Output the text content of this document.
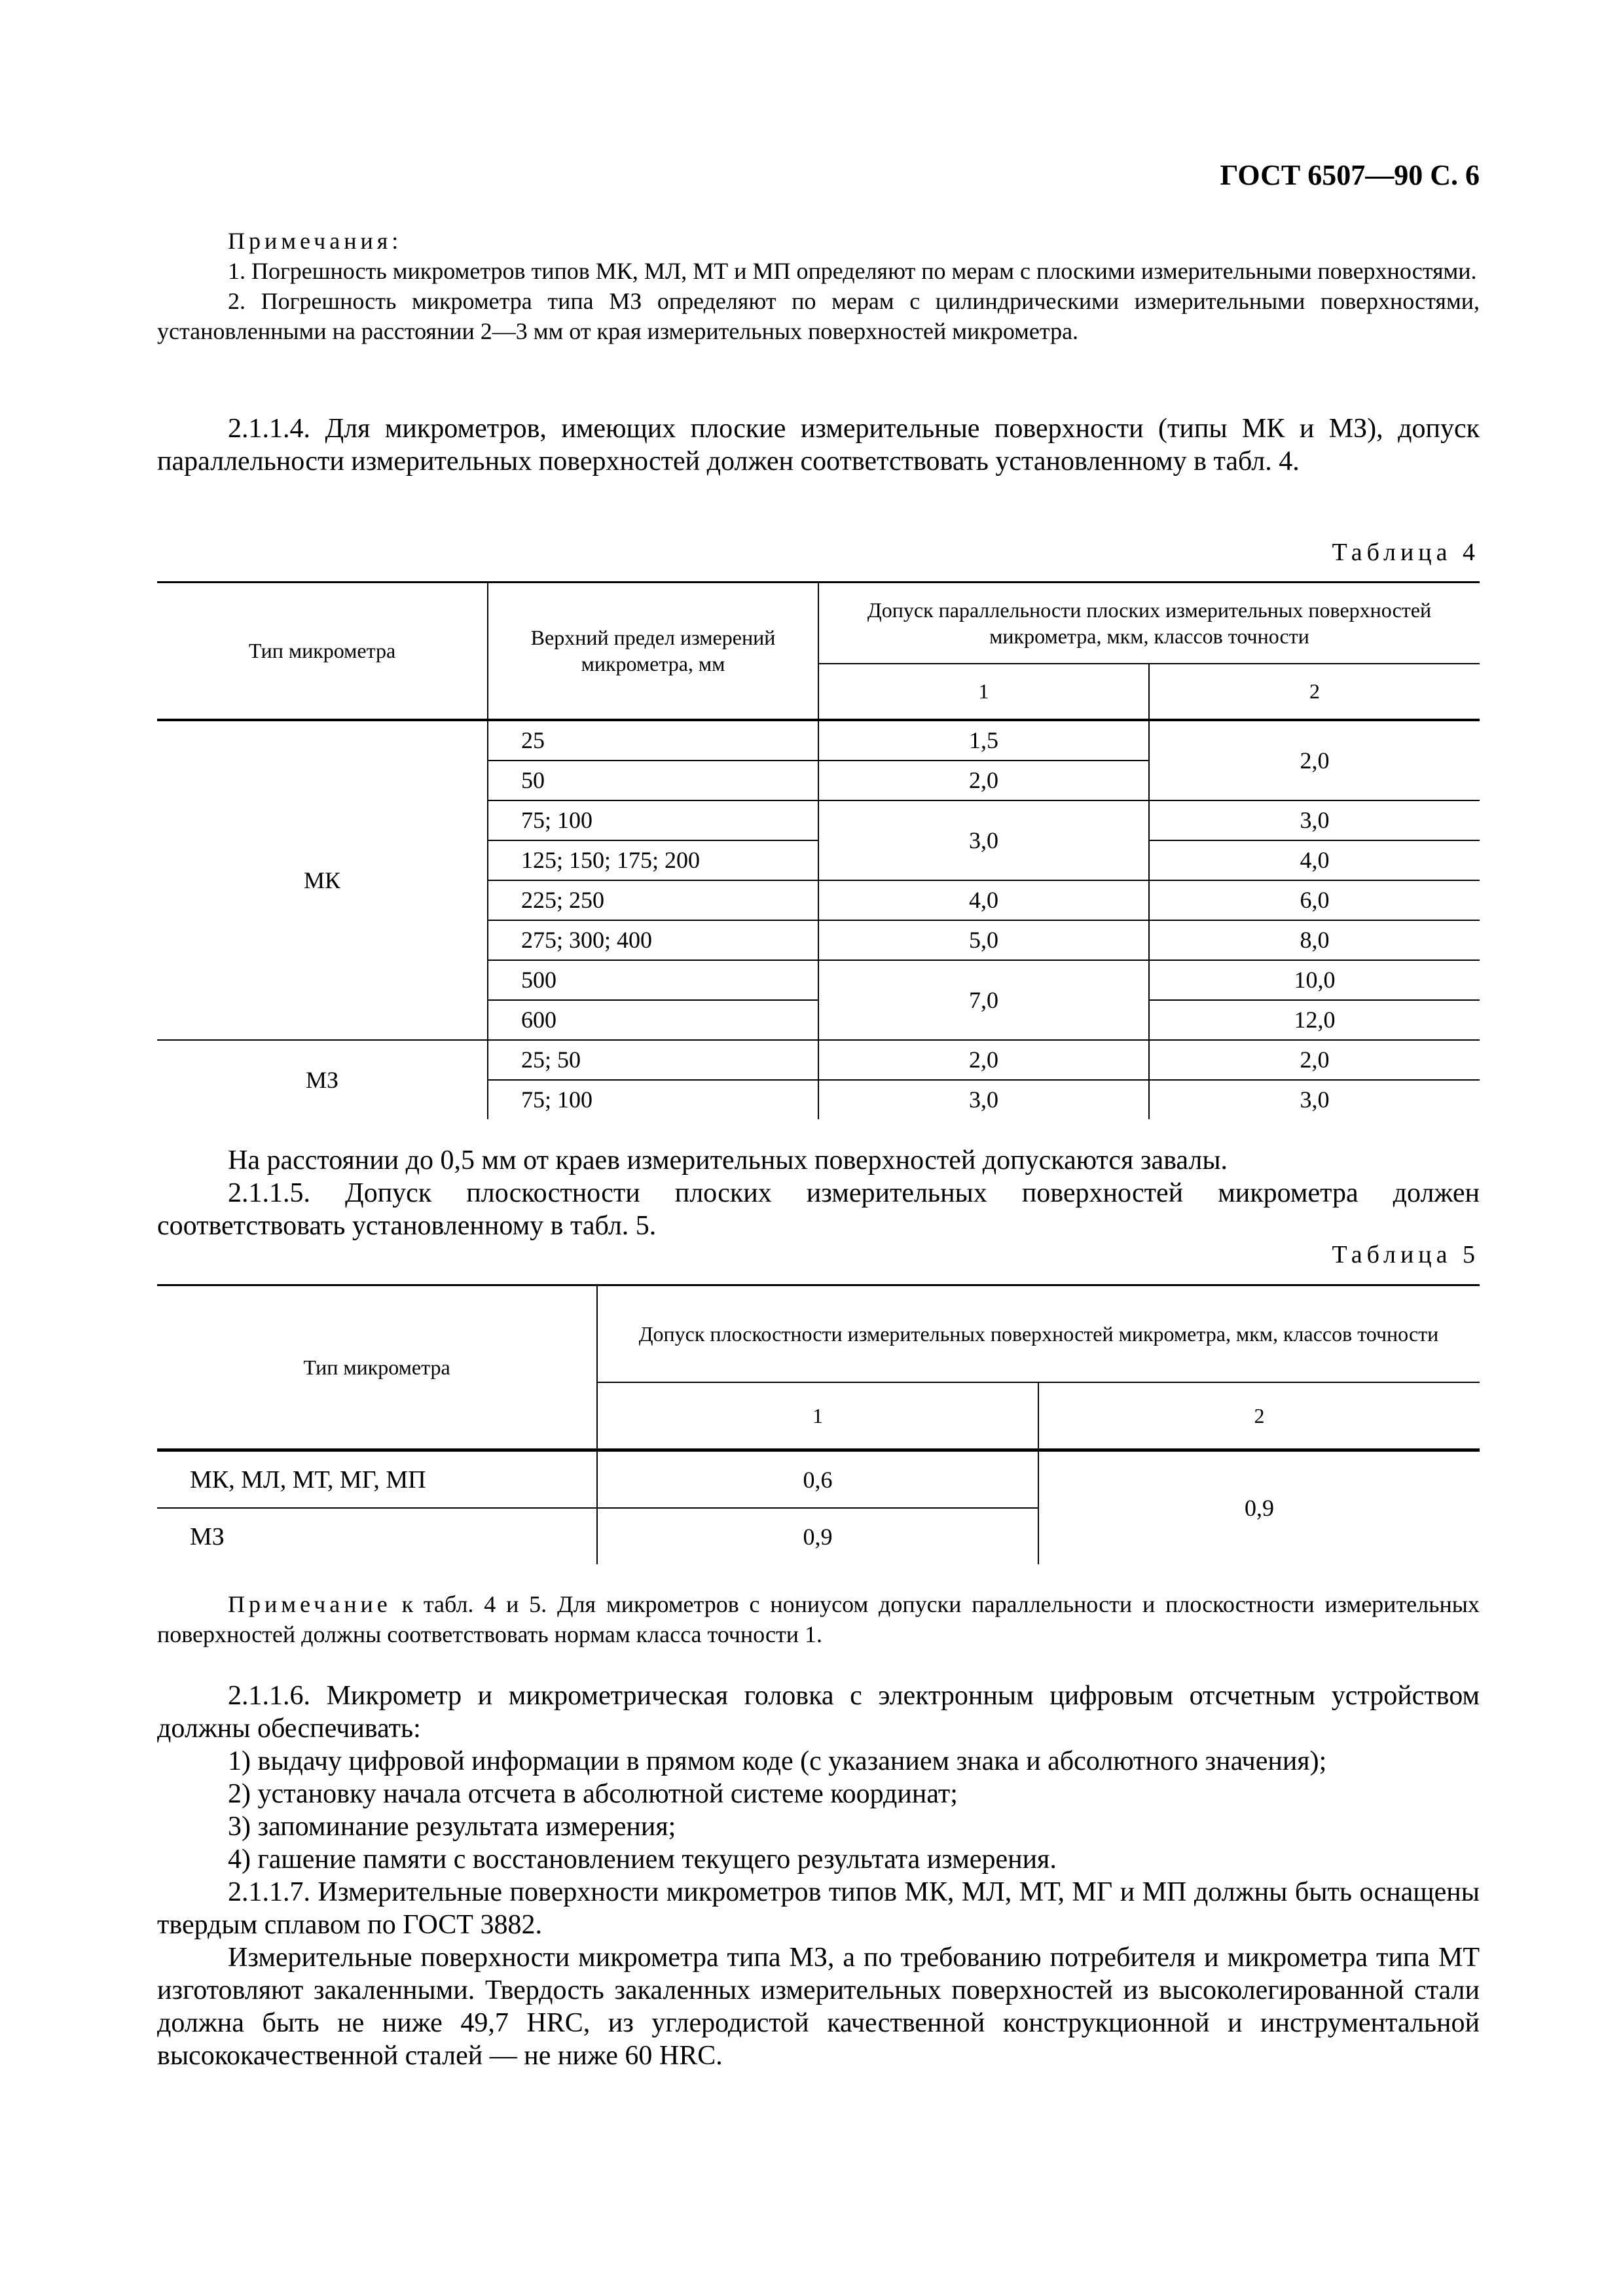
ГОСТ 6507—90 С. 6
Примечания:
1. Погрешность микрометров типов МК, МЛ, МТ и МП определяют по мерам с плоскими измерительными поверхностями.
2. Погрешность микрометра типа МЗ определяют по мерам с цилиндрическими измерительными поверхностями, установленными на расстоянии 2—3 мм от края измерительных поверхностей микрометра.
2.1.1.4. Для микрометров, имеющих плоские измерительные поверхности (типы МК и МЗ), допуск параллельности измерительных поверхностей должен соответствовать установленному в табл. 4.
Таблица 4
Тип микрометра	Верхний предел измерений микрометра, мм	Допуск параллельности плоских измерительных поверхностей микрометра, мкм, классов точности	
		1	2
МК	25	1,5	2,0
	50	2,0	
	75; 100	3,0	3,0
	125; 150; 175; 200		4,0
	225; 250	4,0	6,0
	275; 300; 400	5,0	8,0
	500	7,0	10,0
	600		12,0
МЗ	25; 50	2,0	2,0
	75; 100	3,0	3,0
На расстоянии до 0,5 мм от краев измерительных поверхностей допускаются завалы.
2.1.1.5. Допуск плоскостности плоских измерительных поверхностей микрометра должен соответствовать установленному в табл. 5.
Таблица 5
Тип микрометра	Допуск плоскостности измерительных поверхностей микрометра, мкм, классов точности	
	1	2
МК, МЛ, МТ, МГ, МП	0,6	0,9
МЗ	0,9	
Примечание к табл. 4 и 5. Для микрометров с нониусом допуски параллельности и плоскостности измерительных поверхностей должны соответствовать нормам класса точности 1.
2.1.1.6. Микрометр и микрометрическая головка с электронным цифровым отсчетным устройством должны обеспечивать:
1) выдачу цифровой информации в прямом коде (с указанием знака и абсолютного значения);
2) установку начала отсчета в абсолютной системе координат;
3) запоминание результата измерения;
4) гашение памяти с восстановлением текущего результата измерения.
2.1.1.7. Измерительные поверхности микрометров типов МК, МЛ, МТ, МГ и МП должны быть оснащены твердым сплавом по ГОСТ 3882.
Измерительные поверхности микрометра типа МЗ, а по требованию потребителя и микрометра типа МТ изготовляют закаленными. Твердость закаленных измерительных поверхностей из высоколегированной стали должна быть не ниже 49,7 HRC, из углеродистой качественной конструкционной и инструментальной высококачественной сталей — не ниже 60 HRC.
